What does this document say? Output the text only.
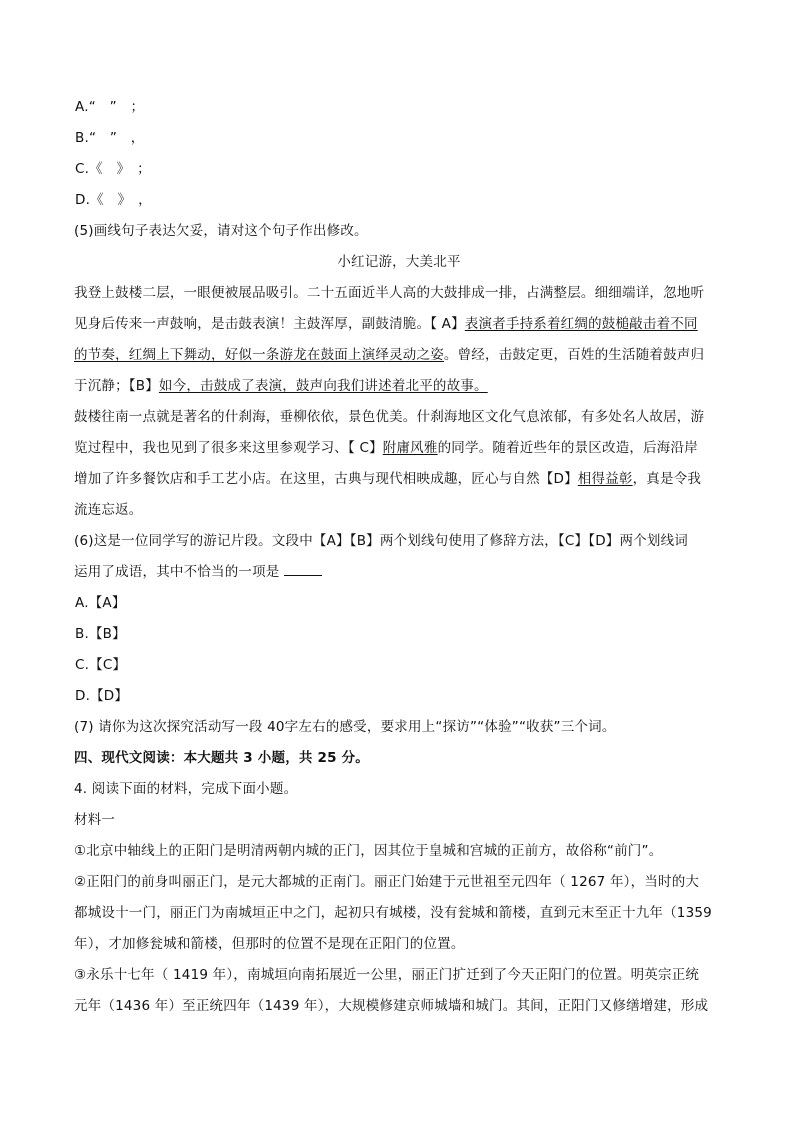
A.“　”　；
B.“　”　，
C.《　》　；
D.《　》　，
(5)画线句子表达欠妥，请对这个句子作出修改。
小红记游，大美北平
我登上鼓楼二层，一眼便被展品吸引。二十五面近半人高的大鼓排成一排，占满整层。细细端详，忽地听
见身后传来一声鼓响，是击鼓表演！主鼓浑厚，副鼓清脆。【 A】表演者手持系着红绸的鼓槌敲击着不同
的节奏，红绸上下舞动，好似一条游龙在鼓面上演绎灵动之姿。曾经，击鼓定更，百姓的生活随着鼓声归
于沉静；【B】如今，击鼓成了表演，鼓声向我们讲述着北平的故事。
鼓楼往南一点就是著名的什刹海，垂柳依依，景色优美。什刹海地区文化气息浓郁，有多处名人故居，游
览过程中，我也见到了很多来这里参观学习、【 C】附庸风雅的同学。随着近些年的景区改造，后海沿岸
增加了许多餐饮店和手工艺小店。在这里，古典与现代相映成趣，匠心与自然【D】相得益彰，真是令我
流连忘返。
(6)这是一位同学写的游记片段。文段中【A】【B】两个划线句使用了修辞方法，【C】【D】两个划线词
运用了成语，其中不恰当的一项是
A.【A】
B.【B】
C.【C】
D.【D】
(7) 请你为这次探究活动写一段 40字左右的感受，要求用上“探访”“体验”“收获”三个词。
四、现代文阅读：本大题共 3 小题，共 25 分。
4. 阅读下面的材料，完成下面小题。
材料一
①北京中轴线上的正阳门是明清两朝内城的正门，因其位于皇城和宫城的正前方，故俗称“前门”。
②正阳门的前身叫丽正门，是元大都城的正南门。丽正门始建于元世祖至元四年（ 1267 年），当时的大
都城设十一门，丽正门为南城垣正中之门，起初只有城楼，没有瓮城和箭楼，直到元末至正十九年（1359
年），才加修瓮城和箭楼，但那时的位置不是现在正阳门的位置。
③永乐十七年（ 1419 年），南城垣向南拓展近一公里，丽正门扩迁到了今天正阳门的位置。明英宗正统
元年（1436 年）至正统四年（1439 年），大规模修建京师城墙和城门。其间，正阳门又修缮增建，形成
